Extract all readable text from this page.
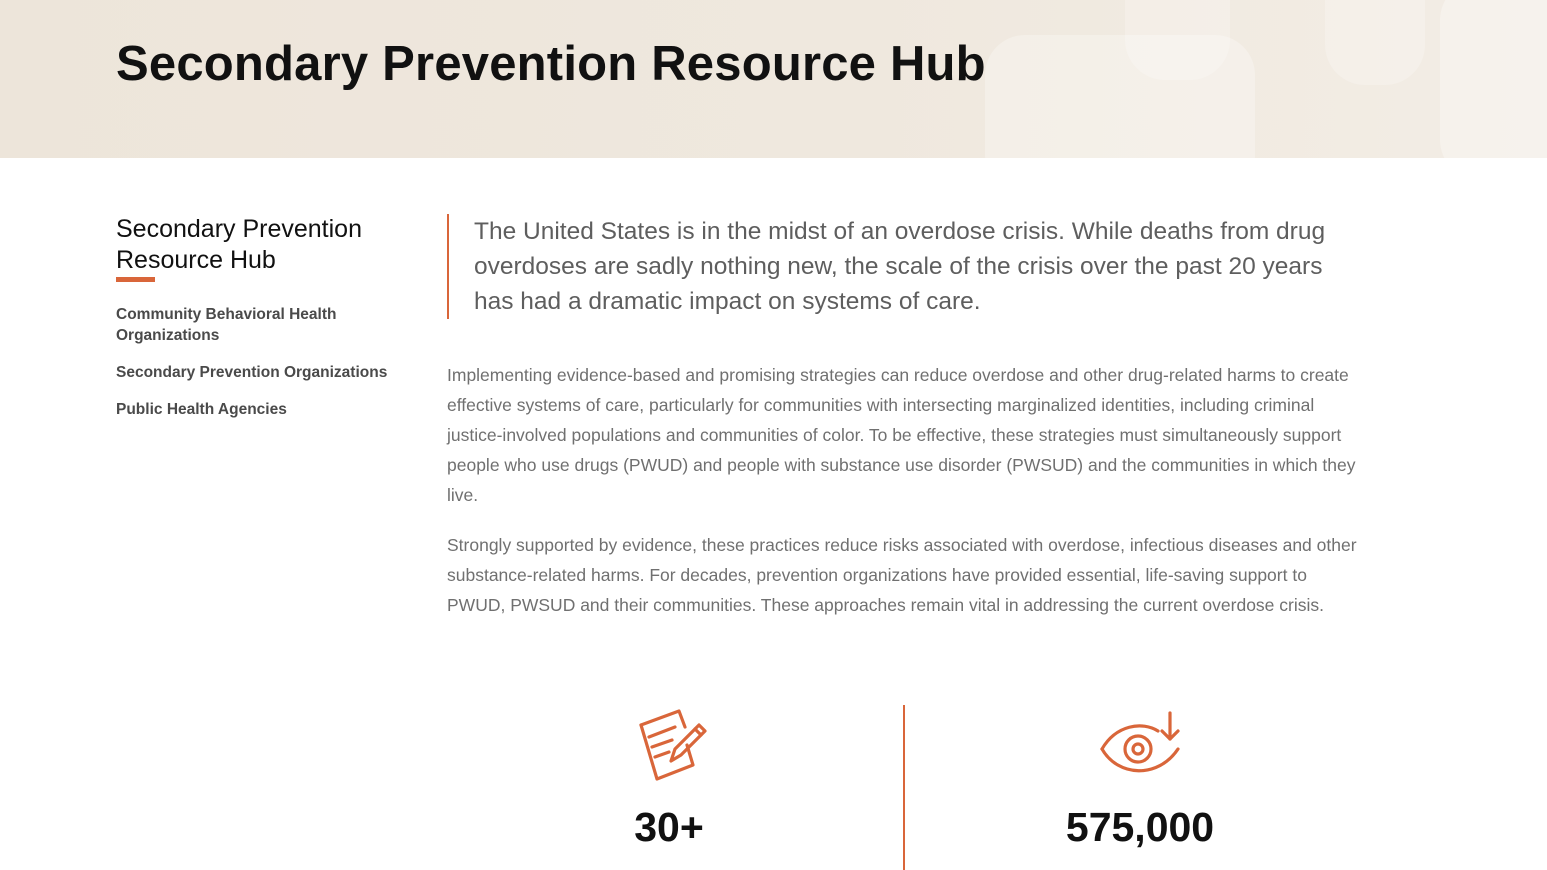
Secondary Prevention Resource Hub
Secondary Prevention Resource Hub
Community Behavioral Health Organizations
Secondary Prevention Organizations
Public Health Agencies

The United States is in the midst of an overdose crisis. While deaths from drug overdoses are sadly nothing new, the scale of the crisis over the past 20 years has had a dramatic impact on systems of care.

Implementing evidence-based and promising strategies can reduce overdose and other drug-related harms to create effective systems of care, particularly for communities with intersecting marginalized identities, including criminal justice-involved populations and communities of color. To be effective, these strategies must simultaneously support people who use drugs (PWUD) and people with substance use disorder (PWSUD) and the communities in which they live.

Strongly supported by evidence, these practices reduce risks associated with overdose, infectious diseases and other substance-related harms. For decades, prevention organizations have provided essential, life-saving support to PWUD, PWSUD and their communities. These approaches remain vital in addressing the current overdose crisis.

30+	575,000
